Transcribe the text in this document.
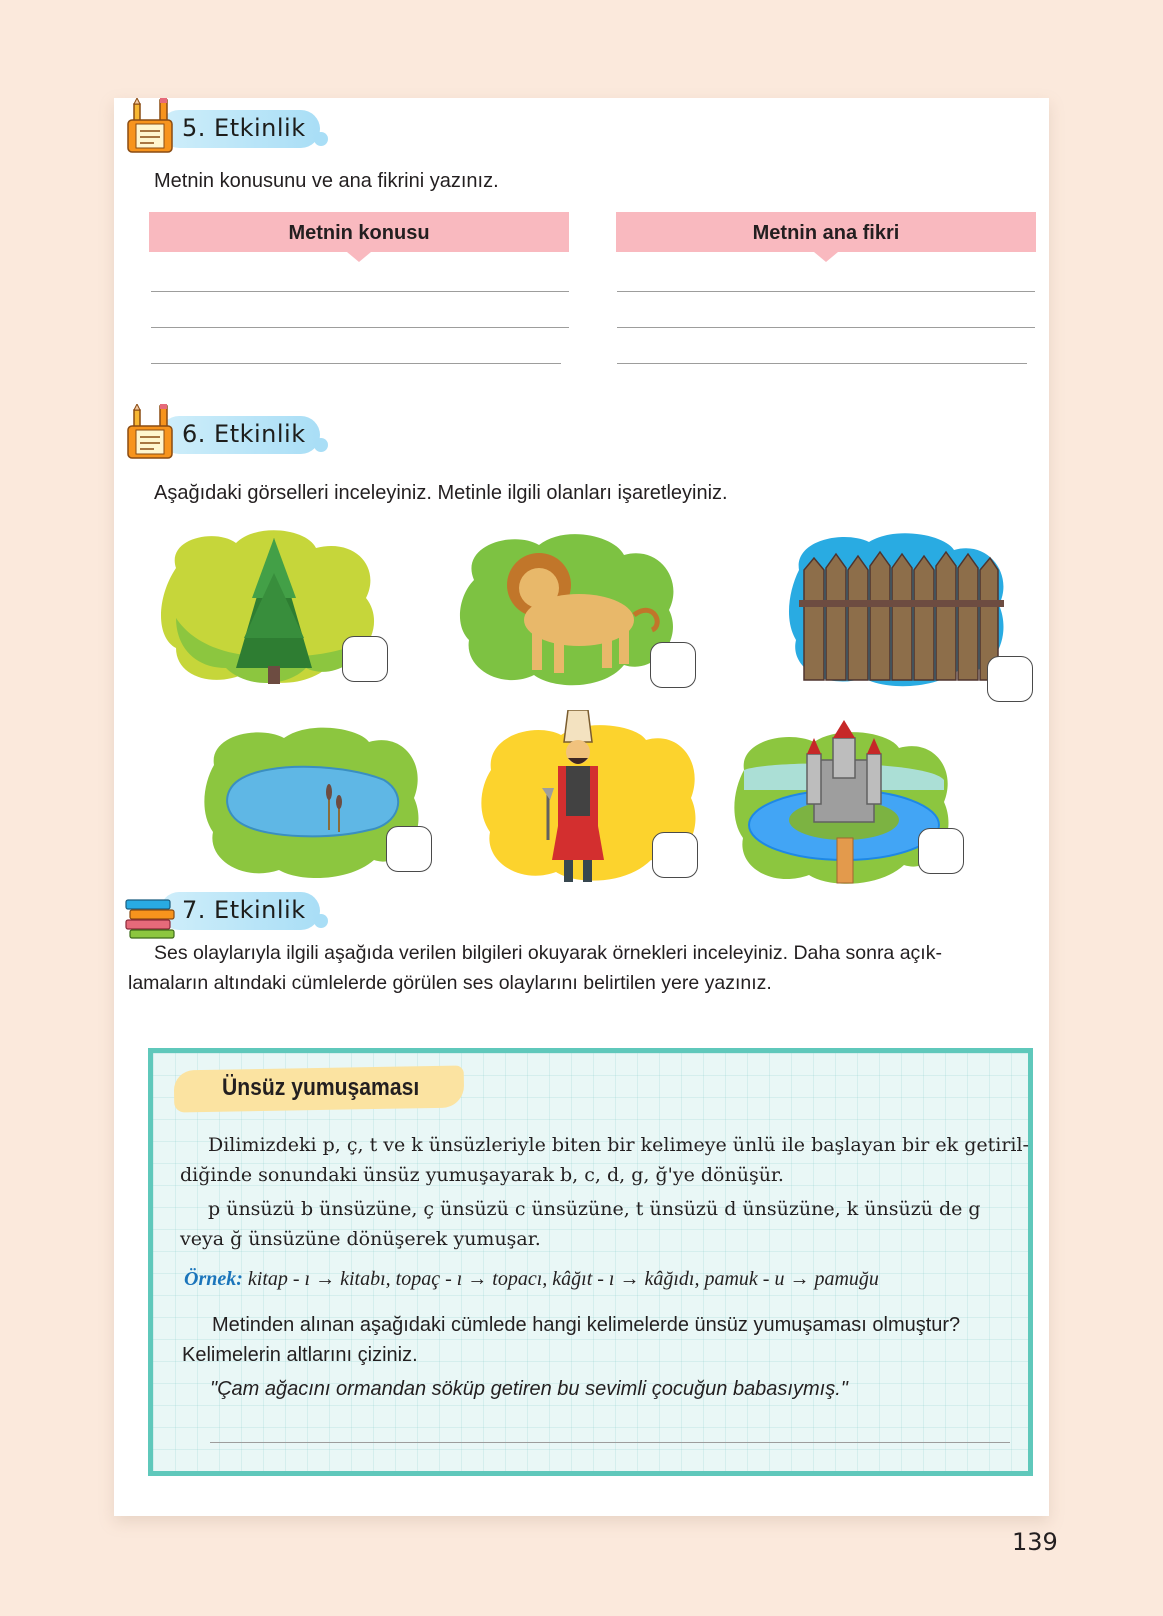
5. Etkinlik
Metnin konusunu ve ana fikrini yazınız.
Metnin konusu	Metnin ana fikri
6. Etkinlik
Aşağıdaki görselleri inceleyiniz. Metinle ilgili olanları işaretleyiniz.
7. Etkinlik
Ses olaylarıyla ilgili aşağıda verilen bilgileri okuyarak örnekleri inceleyiniz. Daha sonra açık-
lamaların altındaki cümlelerde görülen ses olaylarını belirtilen yere yazınız.
Ünsüz yumuşaması
Dilimizdeki p, ç, t ve k ünsüzleriyle biten bir kelimeye ünlü ile başlayan bir ek getiril-
diğinde sonundaki ünsüz yumuşayarak b, c, d, g, ğ'ye dönüşür.
p ünsüzü b ünsüzüne, ç ünsüzü c ünsüzüne, t ünsüzü d ünsüzüne, k ünsüzü de g
veya ğ ünsüzüne dönüşerek yumuşar.
Örnek: kitap - ı → kitabı, topaç - ı → topacı, kâğıt - ı → kâğıdı, pamuk - u → pamuğu
Metinden alınan aşağıdaki cümlede hangi kelimelerde ünsüz yumuşaması olmuştur?
Kelimelerin altlarını çiziniz.
"Çam ağacını ormandan söküp getiren bu sevimli çocuğun babasıymış."
139
